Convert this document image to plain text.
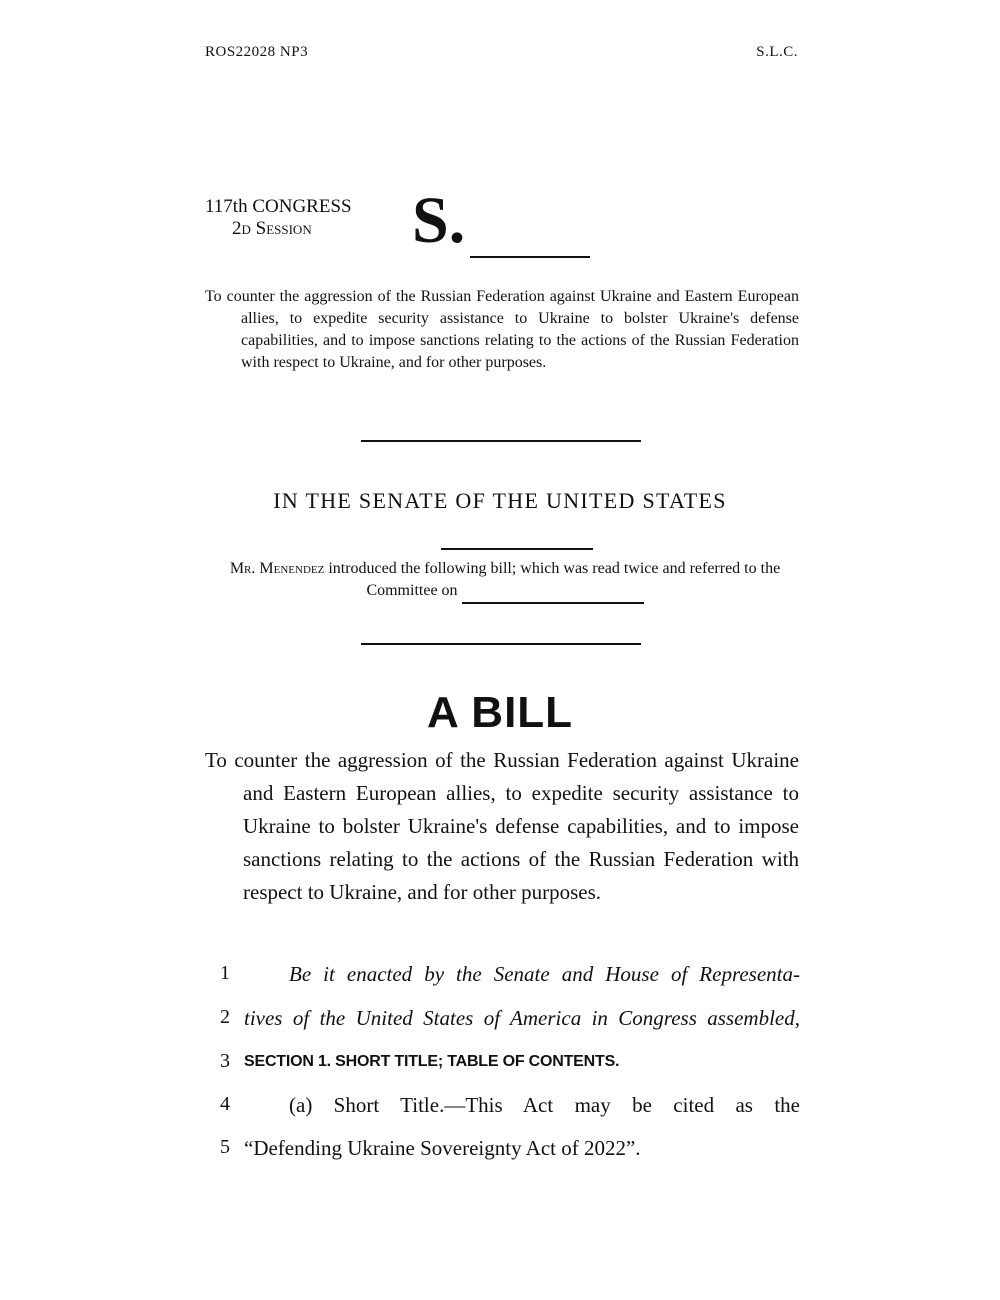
ROS22028 NP3	S.L.C.
117th CONGRESS
2d Session	S.
To counter the aggression of the Russian Federation against Ukraine and Eastern European allies, to expedite security assistance to Ukraine to bolster Ukraine's defense capabilities, and to impose sanctions relating to the actions of the Russian Federation with respect to Ukraine, and for other purposes.
IN THE SENATE OF THE UNITED STATES
Mr. Menendez introduced the following bill; which was read twice and referred to the Committee on
A BILL
To counter the aggression of the Russian Federation against Ukraine and Eastern European allies, to expedite security assistance to Ukraine to bolster Ukraine's defense capabilities, and to impose sanctions relating to the actions of the Russian Federation with respect to Ukraine, and for other purposes.
1	Be it enacted by the Senate and House of Representa-
2 tives of the United States of America in Congress assembled,
3 SECTION 1. SHORT TITLE; TABLE OF CONTENTS.
4	(a) Short Title.—This Act may be cited as the
5 “Defending Ukraine Sovereignty Act of 2022”.
